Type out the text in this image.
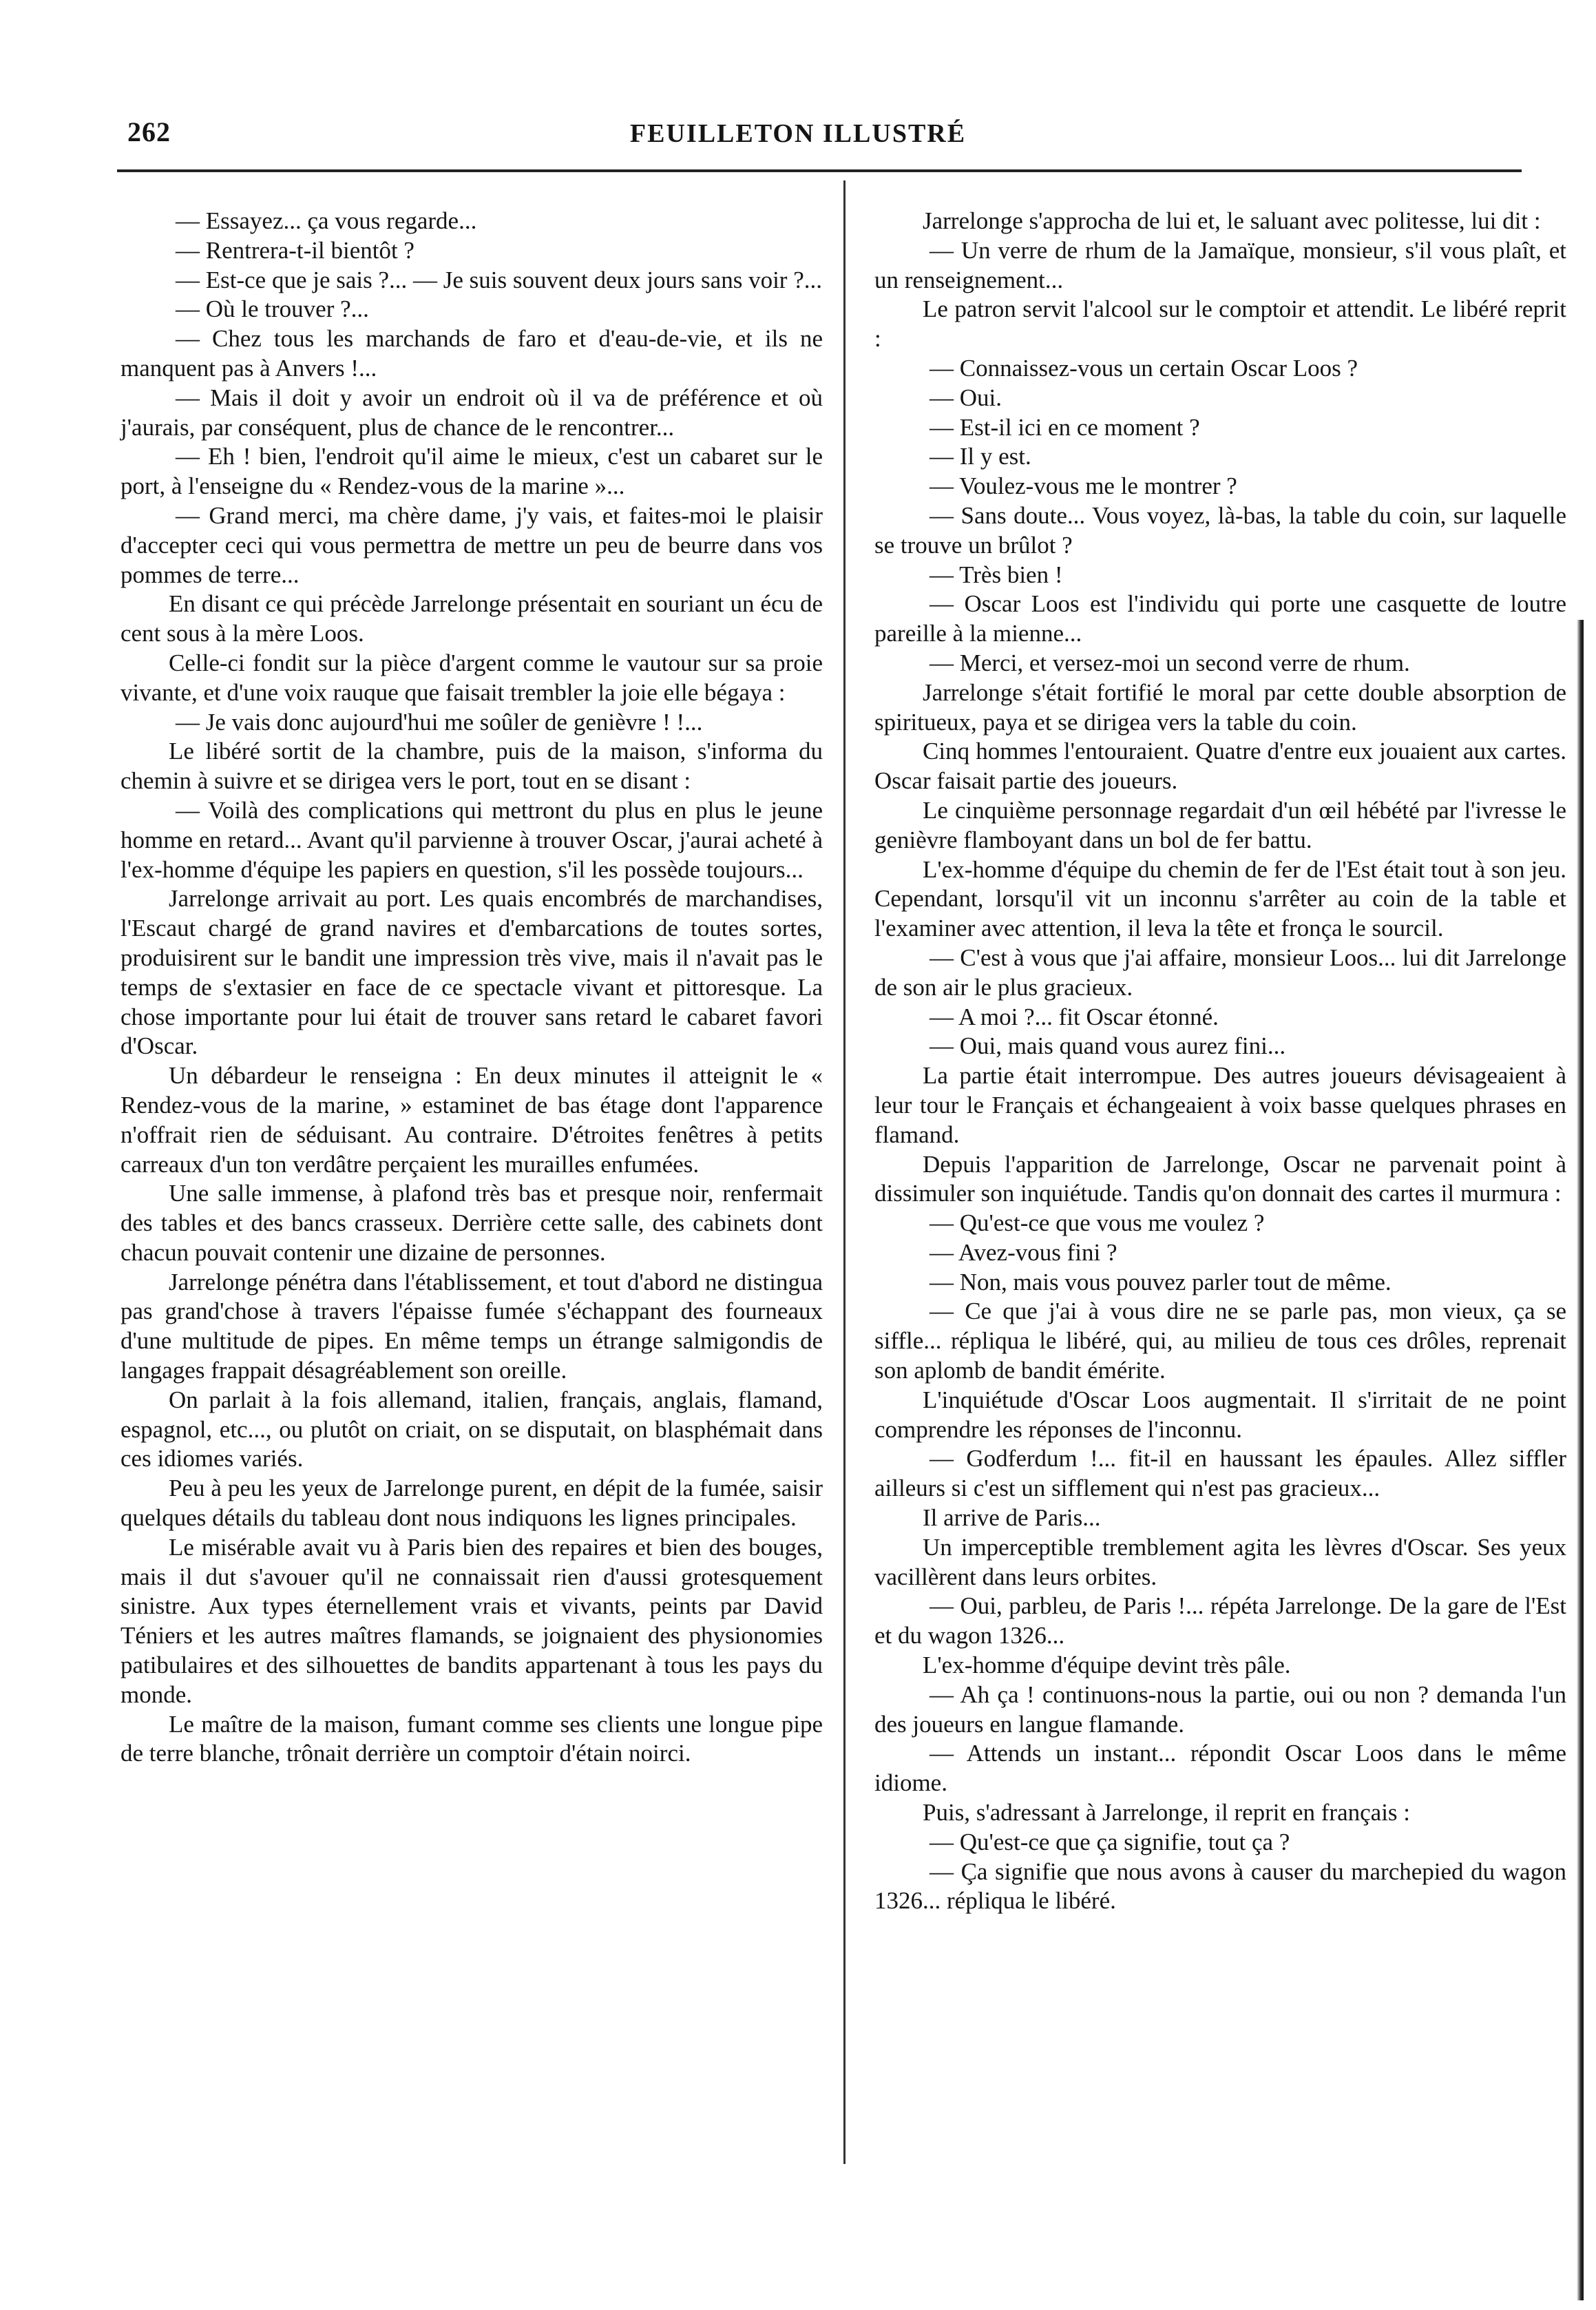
262	FEUILLETON ILLUSTRÉ

— Essayez... ça vous regarde...

— Rentrera-t-il bientôt ?

— Est-ce que je sais ?... — Je suis souvent deux jours sans voir ?...

— Où le trouver ?...

— Chez tous les marchands de faro et d'eau-de-vie, et ils ne manquent pas à Anvers !...

— Mais il doit y avoir un endroit où il va de préférence et où j'aurais, par conséquent, plus de chance de le rencontrer...

— Eh ! bien, l'endroit qu'il aime le mieux, c'est un cabaret sur le port, à l'enseigne du « Rendez-vous de la marine »...

— Grand merci, ma chère dame, j'y vais, et faites-moi le plaisir d'accepter ceci qui vous permettra de mettre un peu de beurre dans vos pommes de terre...

En disant ce qui précède Jarrelonge présentait en souriant un écu de cent sous à la mère Loos.

Celle-ci fondit sur la pièce d'argent comme le vautour sur sa proie vivante, et d'une voix rauque que faisait trembler la joie elle bégaya :

— Je vais donc aujourd'hui me soûler de genièvre ! !...

Le libéré sortit de la chambre, puis de la maison, s'informa du chemin à suivre et se dirigea vers le port, tout en se disant :

— Voilà des complications qui mettront du plus en plus le jeune homme en retard... Avant qu'il parvienne à trouver Oscar, j'aurai acheté à l'ex-homme d'équipe les papiers en question, s'il les possède toujours...

Jarrelonge arrivait au port. Les quais encombrés de marchandises, l'Escaut chargé de grand navires et d'embarcations de toutes sortes, produisirent sur le bandit une impression très vive, mais il n'avait pas le temps de s'extasier en face de ce spectacle vivant et pittoresque. La chose importante pour lui était de trouver sans retard le cabaret favori d'Oscar.

Un débardeur le renseigna : En deux minutes il atteignit le « Rendez-vous de la marine, » estaminet de bas étage dont l'apparence n'offrait rien de séduisant. Au contraire. D'étroites fenêtres à petits carreaux d'un ton verdâtre perçaient les murailles enfumées.

Une salle immense, à plafond très bas et presque noir, renfermait des tables et des bancs crasseux. Derrière cette salle, des cabinets dont chacun pouvait contenir une dizaine de personnes.

Jarrelonge pénétra dans l'établissement, et tout d'abord ne distingua pas grand'chose à travers l'épaisse fumée s'échappant des fourneaux d'une multitude de pipes. En même temps un étrange salmigondis de langages frappait désagréablement son oreille.

On parlait à la fois allemand, italien, français, anglais, flamand, espagnol, etc..., ou plutôt on criait, on se disputait, on blasphémait dans ces idiomes variés.

Peu à peu les yeux de Jarrelonge purent, en dépit de la fumée, saisir quelques détails du tableau dont nous indiquons les lignes principales.

Le misérable avait vu à Paris bien des repaires et bien des bouges, mais il dut s'avouer qu'il ne connaissait rien d'aussi grotesquement sinistre. Aux types éternellement vrais et vivants, peints par David Téniers et les autres maîtres flamands, se joignaient des physionomies patibulaires et des silhouettes de bandits appartenant à tous les pays du monde.

Le maître de la maison, fumant comme ses clients une longue pipe de terre blanche, trônait derrière un comptoir d'étain noirci.

Jarrelonge s'approcha de lui et, le saluant avec politesse, lui dit :

— Un verre de rhum de la Jamaïque, monsieur, s'il vous plaît, et un renseignement...

Le patron servit l'alcool sur le comptoir et attendit. Le libéré reprit :

— Connaissez-vous un certain Oscar Loos ?

— Oui.

— Est-il ici en ce moment ?

— Il y est.

— Voulez-vous me le montrer ?

— Sans doute... Vous voyez, là-bas, la table du coin, sur laquelle se trouve un brûlot ?

— Très bien !

— Oscar Loos est l'individu qui porte une casquette de loutre pareille à la mienne...

— Merci, et versez-moi un second verre de rhum.

Jarrelonge s'était fortifié le moral par cette double absorption de spiritueux, paya et se dirigea vers la table du coin.

Cinq hommes l'entouraient. Quatre d'entre eux jouaient aux cartes. Oscar faisait partie des joueurs.

Le cinquième personnage regardait d'un œil hébété par l'ivresse le genièvre flamboyant dans un bol de fer battu.

L'ex-homme d'équipe du chemin de fer de l'Est était tout à son jeu. Cependant, lorsqu'il vit un inconnu s'arrêter au coin de la table et l'examiner avec attention, il leva la tête et fronça le sourcil.

— C'est à vous que j'ai affaire, monsieur Loos... lui dit Jarrelonge de son air le plus gracieux.

— A moi ?... fit Oscar étonné.

— Oui, mais quand vous aurez fini...

La partie était interrompue. Des autres joueurs dévisageaient à leur tour le Français et échangeaient à voix basse quelques phrases en flamand.

Depuis l'apparition de Jarrelonge, Oscar ne parvenait point à dissimuler son inquiétude. Tandis qu'on donnait des cartes il murmura :

— Qu'est-ce que vous me voulez ?

— Avez-vous fini ?

— Non, mais vous pouvez parler tout de même.

— Ce que j'ai à vous dire ne se parle pas, mon vieux, ça se siffle... répliqua le libéré, qui, au milieu de tous ces drôles, reprenait son aplomb de bandit émérite.

L'inquiétude d'Oscar Loos augmentait. Il s'irritait de ne point comprendre les réponses de l'inconnu.

— Godferdum !... fit-il en haussant les épaules. Allez siffler ailleurs si c'est un sifflement qui n'est pas gracieux...

Il arrive de Paris...

Un imperceptible tremblement agita les lèvres d'Oscar. Ses yeux vacillèrent dans leurs orbites.

— Oui, parbleu, de Paris !... répéta Jarrelonge. De la gare de l'Est et du wagon 1326...

L'ex-homme d'équipe devint très pâle.

— Ah ça ! continuons-nous la partie, oui ou non ? demanda l'un des joueurs en langue flamande.

— Attends un instant... répondit Oscar Loos dans le même idiome.

Puis, s'adressant à Jarrelonge, il reprit en français :

— Qu'est-ce que ça signifie, tout ça ?

— Ça signifie que nous avons à causer du marchepied du wagon 1326... répliqua le libéré.
